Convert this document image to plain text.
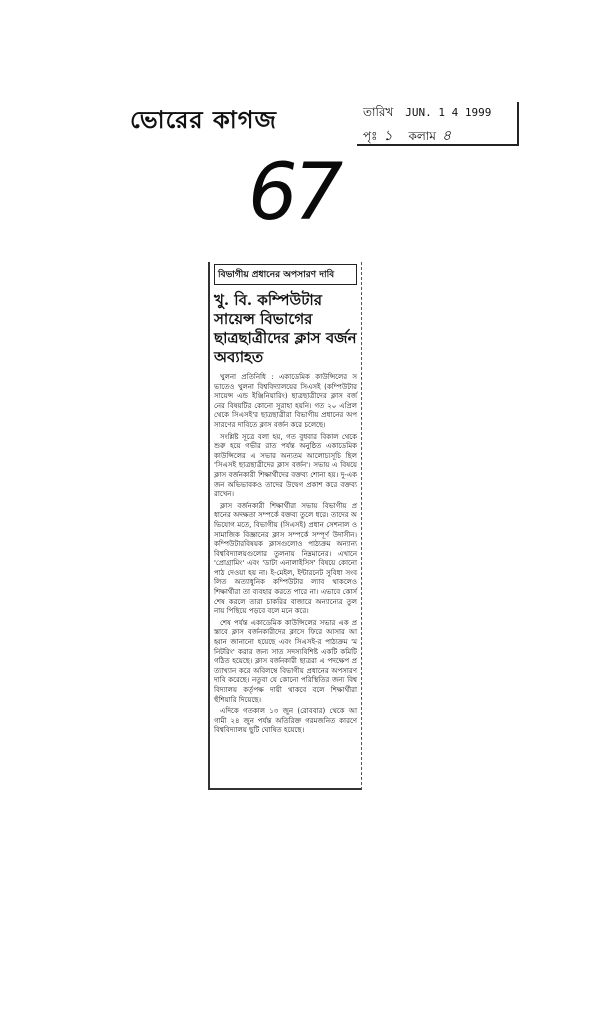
ভোরের কাগজ	তারিখ JUN. 1 4 1999
পৃঃ ১ কলাম ৪
67
বিভাগীয় প্রধানের অপসারণ দাবি
খু. বি. কম্পিউটার সায়েন্স বিভাগের ছাত্রছাত্রীদের ক্লাস বর্জন অব্যাহত

খুলনা প্রতিনিধি : একাডেমিক কাউন্সিলের সভাতেও খুলনা বিশ্ববিদ্যালয়ের সিএসই (কম্পিউটার সায়েন্স এন্ড ইঞ্জিনিয়ারিং) ছাত্রছাত্রীদের ক্লাস বর্জনের বিষয়টির কোনো সুরাহা হয়নি। গত ২০ এপ্রিল থেকে সিএসই'র ছাত্রছাত্রীরা বিভাগীয় প্রধানের অপসারণের দাবিতে ক্লাস বর্জন করে চলেছে।

সংশ্লিষ্ট সূত্রে বলা হয়, গত বুধবার বিকাল থেকে শুরু হয়ে গভীর রাত পর্যন্ত অনুষ্ঠিত একাডেমিক কাউন্সিলের এ সভার অন্যতম আলোচ্যসূচি ছিল 'সিএসই ছাত্রছাত্রীদের ক্লাস বর্জন'। সভায় এ বিষয়ে ক্লাস বর্জনকারী শিক্ষার্থীদের বক্তব্য শোনা হয়। দু-একজন অভিভাবকও তাদের উদ্বেগ প্রকাশ করে বক্তব্য রাখেন।

ক্লাস বর্জনকারী শিক্ষার্থীরা সভায় বিভাগীয় প্রধানের অদক্ষতা সম্পর্কে বক্তব্য তুলে ধরে। তাদের অভিযোগ মতে, বিভাগীয় (সিএসই) প্রধান সেশনাল ও সামাজিক বিজ্ঞানের ক্লাস সম্পর্কে সম্পূর্ণ উদাসীন। কম্পিউটারবিষয়ক ক্লাসগুলোও পাঠ্যক্রম অন্যান্য বিশ্ববিদ্যালয়গুলোর তুলনায় নিম্নমানের। এখানে 'প্রোগ্রামিং' এবং 'ডাটা এনালাইসিস' বিষয়ে কোনো পাঠ দেওয়া হয় না। ই-মেইল, ইন্টারনেট সুবিধা সংবলিত অত্যাধুনিক কম্পিউটার ল্যাব থাকলেও শিক্ষার্থীরা তা ব্যবহার করতে পারে না। এভাবে কোর্স শেষ করলে তারা চাকরির বাজারে অন্যান্যের তুলনায় পিছিয়ে পড়বে বলে মনে করে।

শেষ পর্যন্ত একাডেমিক কাউন্সিলের সভার এক প্রস্তাবে ক্লাস বর্জনকারীদের ক্লাসে ফিরে আসার আহ্বান জানানো হয়েছে এবং সিএসই-র পাঠ্যক্রম 'মনিটরিং' করার জন্য সাত সদস্যবিশিষ্ট একটি কমিটি গঠিত হয়েছে। ক্লাস বর্জনকারী ছাত্ররা এ পদক্ষেপ প্রত্যাখ্যান করে অবিলম্বে বিভাগীয় প্রধানের অপসারণ দাবি করেছে। নতুবা যে কোনো পরিস্থিতির জন্য বিশ্ববিদ্যালয় কর্তৃপক্ষ দায়ী থাকবে বলে শিক্ষার্থীরা হুঁশিয়ারি দিয়েছে।

এদিকে গতকাল ১৩ জুন (রোববার) থেকে আগামী ২৪ জুন পর্যন্ত অতিরিক্ত গরমজনিত কারণে বিশ্ববিদ্যালয় ছুটি ঘোষিত হয়েছে।
